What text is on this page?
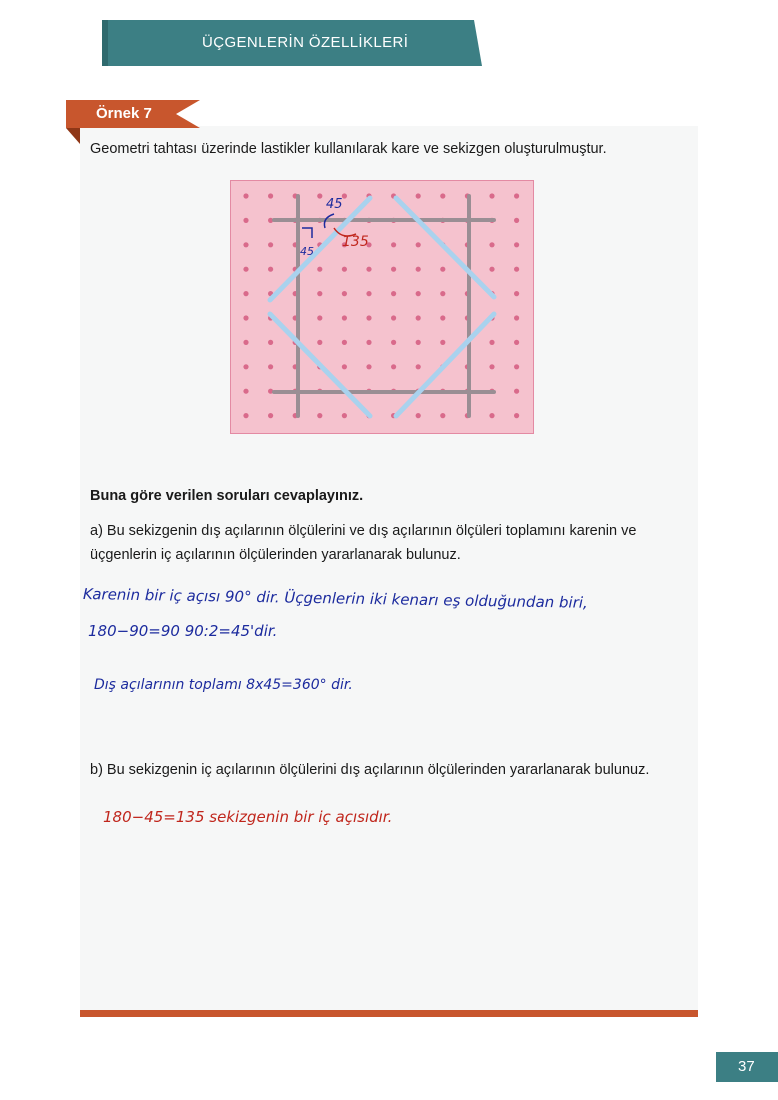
ÜÇGENLERİN ÖZELLİKLERİ
Örnek 7
Geometri tahtası üzerinde lastikler kullanılarak kare ve sekizgen oluşturulmuştur.
45
45
135
Buna göre verilen soruları cevaplayınız.
a) Bu sekizgenin dış açılarının ölçülerini ve dış açılarının ölçüleri toplamını karenin ve üçgenlerin iç açılarının ölçülerinden yararlanarak bulunuz.
Karenin bir iç açısı 90° dir. Üçgenlerin iki kenarı eş olduğundan biri,
180−90=90 90:2=45'dir.
Dış açılarının toplamı 8x45=360° dir.
b) Bu sekizgenin iç açılarının ölçülerini dış açılarının ölçülerinden yararlanarak bulunuz.
180−45=135 sekizgenin bir iç açısıdır.
37
